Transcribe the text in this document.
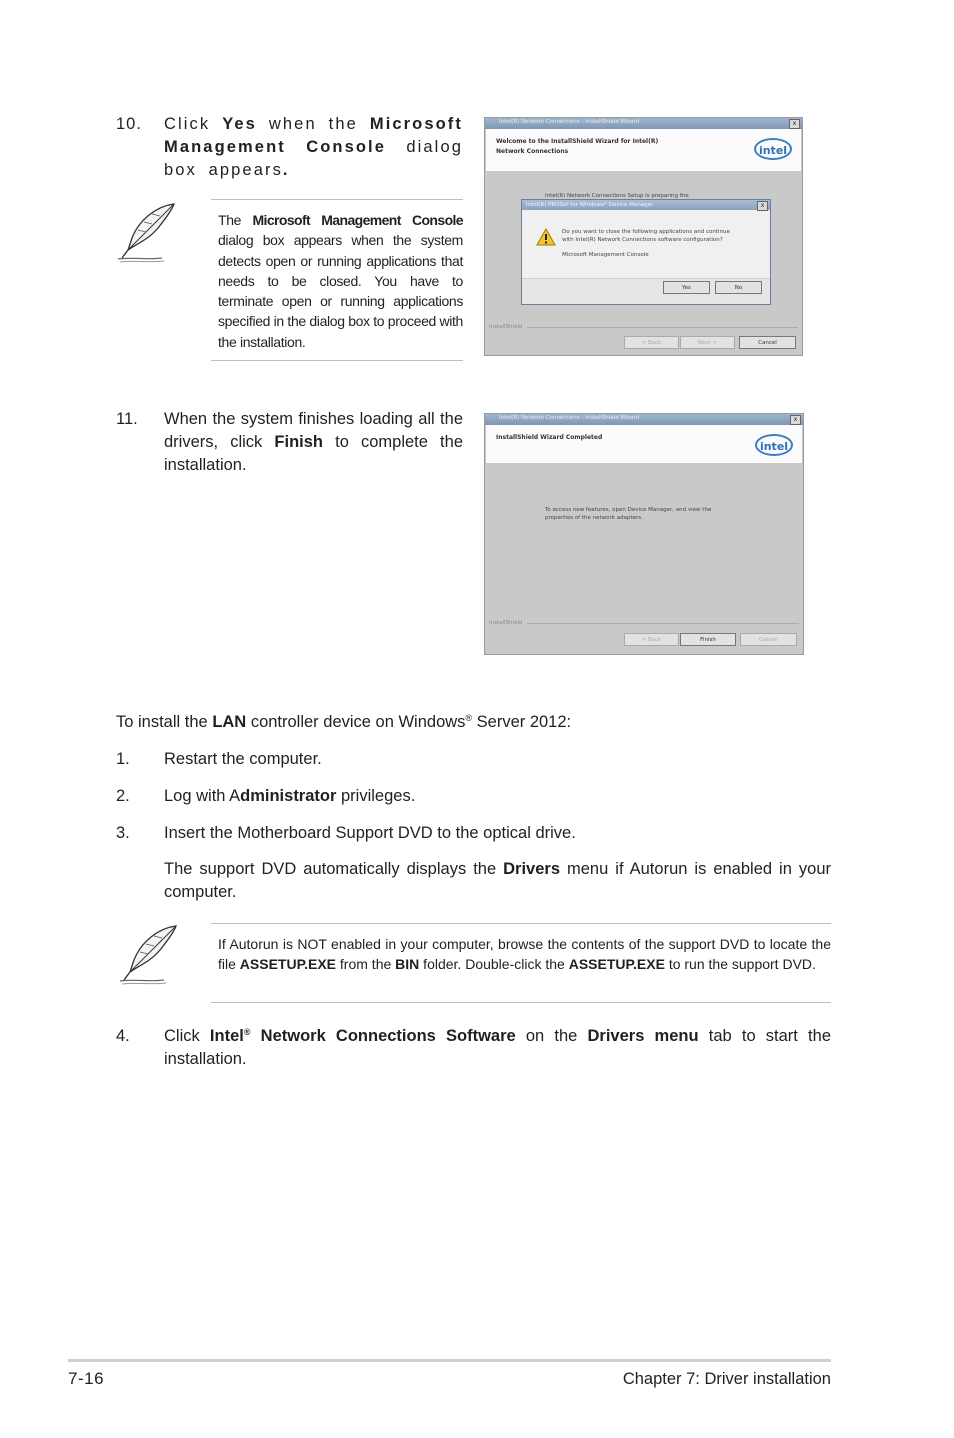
10. Click Yes when the Microsoft Management Console dialog box appears.
The Microsoft Management Console dialog box appears when the system detects open or running applications that needs to be closed. You have to terminate open or running applications specified in the dialog box to proceed with the installation.
Intel(R) Network Connections - InstallShield Wizard	x
Welcome to the InstallShield Wizard for Intel(R) Network Connections	intel
Intel(R) Network Connections Setup is preparing the
Intel(R) PROSet for Windows* Device Manager	x
Do you want to close the following applications and continue
with Intel(R) Network Connections software configuration?
Microsoft Management Console
Yes	No
InstallShield
< Back	Next >	Cancel
11. When the system finishes loading all the drivers, click Finish to complete the installation.
Intel(R) Network Connections - InstallShield Wizard	x
InstallShield Wizard Completed
intel
To access new features, open Device Manager, and view the
properties of the network adapters.
InstallShield
< Back	Finish	Cancel
To install the LAN controller device on Windows® Server 2012:
1. Restart the computer.
2. Log with Administrator privileges.
3. Insert the Motherboard Support DVD to the optical drive.
The support DVD automatically displays the Drivers menu if Autorun is enabled in your computer.
If Autorun is NOT enabled in your computer, browse the contents of the support DVD to locate the file ASSETUP.EXE from the BIN folder. Double-click the ASSETUP.EXE to run the support DVD.
4. Click Intel® Network Connections Software on the Drivers menu tab to start the installation.
7-16	Chapter 7: Driver installation
